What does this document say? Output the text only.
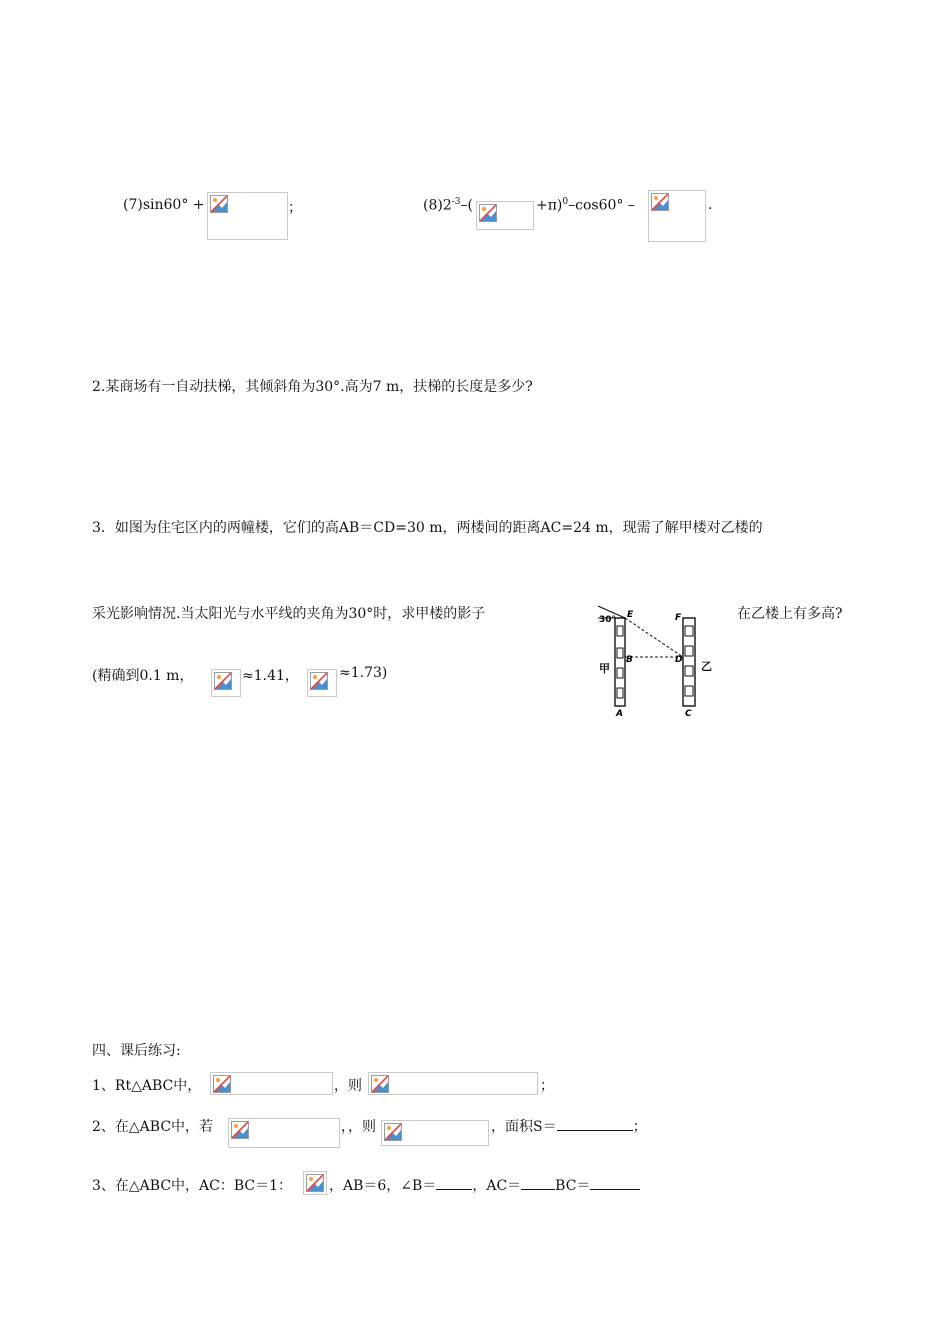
(7)sin60° +	；	$(8)2^{-3}-$(	+π)$^0$–cos60° –	.
2.某商场有一自动扶梯，其倾斜角为30°.高为7 m，扶梯的长度是多少?
3．如图为住宅区内的两幢楼，它们的高AB＝CD=30 m，两楼间的距离AC=24 m，现需了解甲楼对乙楼的
采光影响情况.当太阳光与水平线的夹角为30°时，求甲楼的影子	在乙楼上有多高?
(精确到0.1 m，	≈1.41，	≈1.73)
30° E	F
B	D
A	C
甲	乙
四、课后练习:
1、Rt△ABC中，	，则	；
2、在△ABC中，若	，，则	，面积S＝	；
3、在△ABC中，AC：BC＝1：	，AB＝6，∠B＝	，AC＝ BC＝
